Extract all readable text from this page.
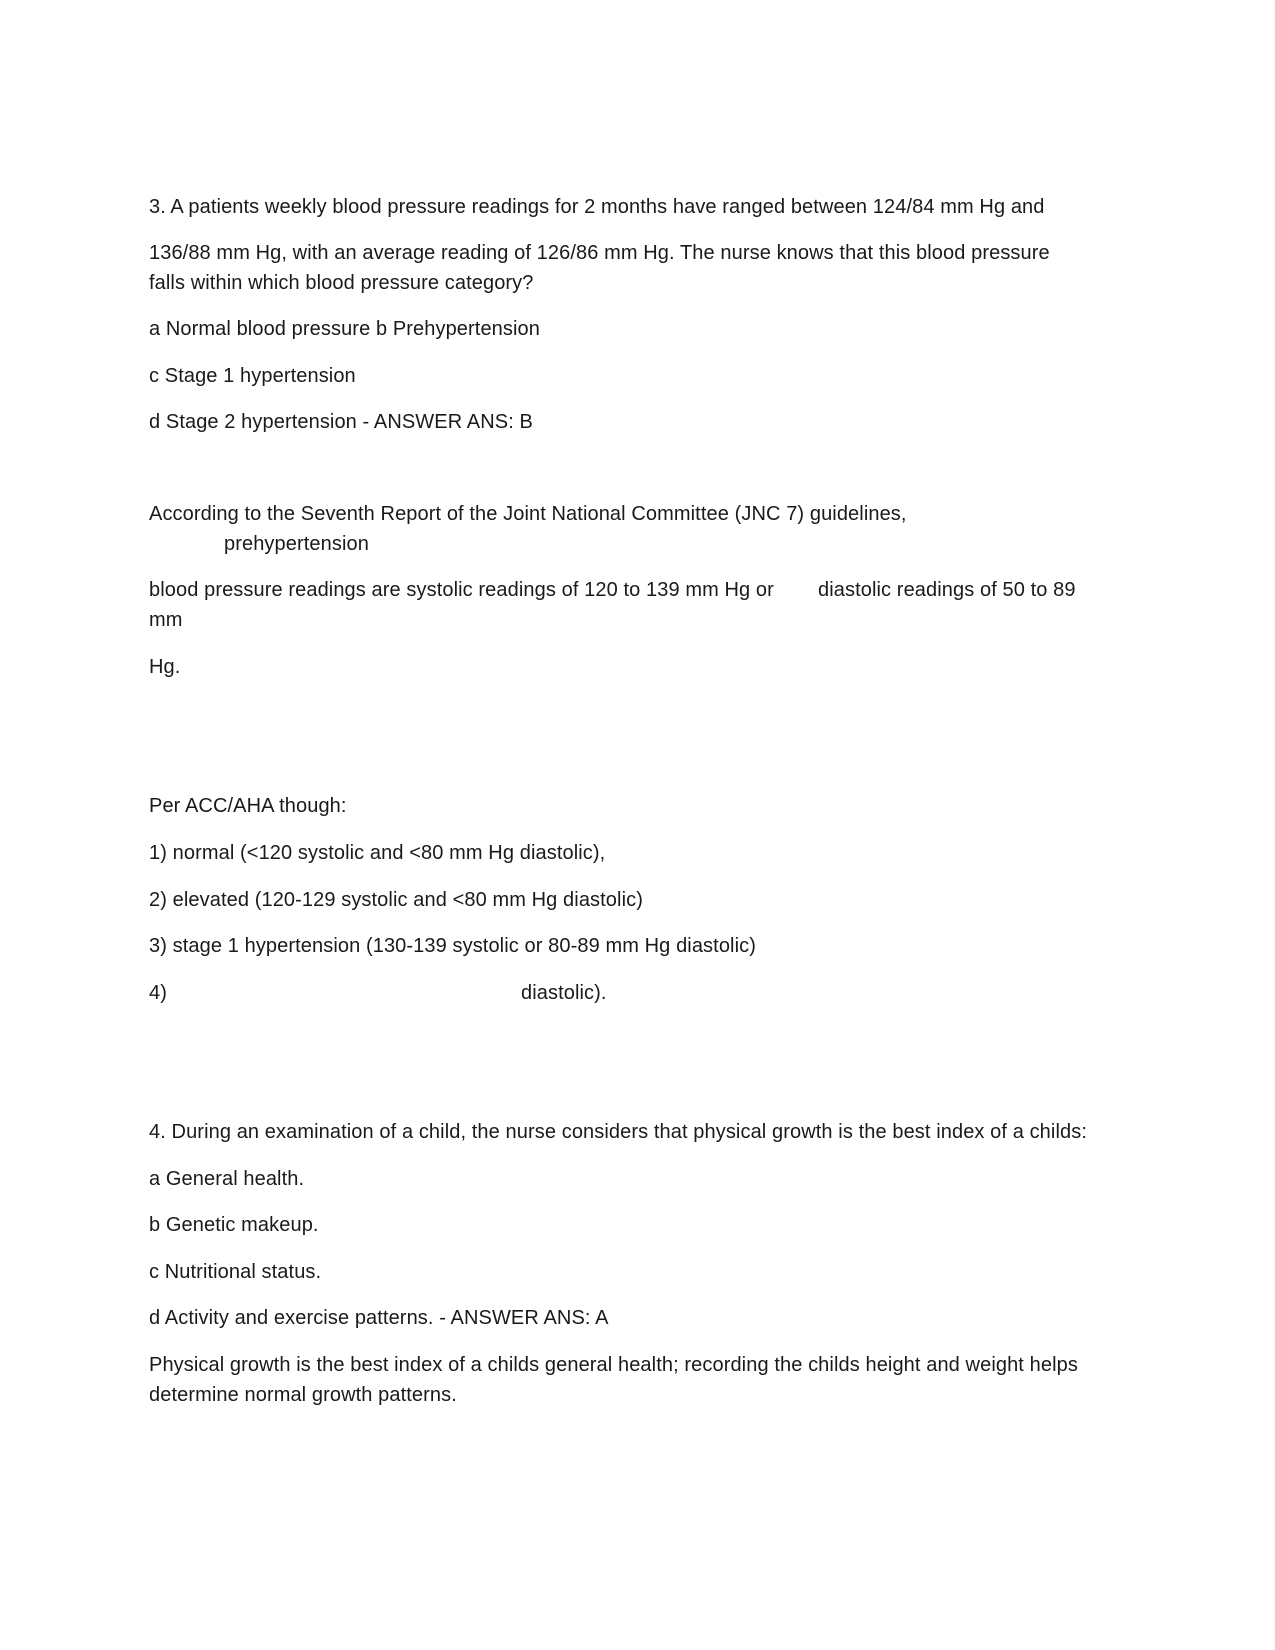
3. A patients weekly blood pressure readings for 2 months have ranged between 124/84 mm Hg and
136/88 mm Hg, with an average reading of 126/86 mm Hg. The nurse knows that this blood pressure
falls within which blood pressure category?
a Normal blood pressure b Prehypertension
c Stage 1 hypertension
d Stage 2 hypertension - ANSWER ANS: B
According to the Seventh Report of the Joint National Committee (JNC 7) guidelines,
prehypertension
blood pressure readings are systolic readings of 120 to 139 mm Hg or diastolic readings of 50 to 89
mm
Hg.
Per ACC/AHA though:
1) normal (<120 systolic and <80 mm Hg diastolic),
2) elevated (120-129 systolic and <80 mm Hg diastolic)
3) stage 1 hypertension (130-139 systolic or 80-89 mm Hg diastolic)
4)	diastolic).
4. During an examination of a child, the nurse considers that physical growth is the best index of a childs:
a General health.
b Genetic makeup.
c Nutritional status.
d Activity and exercise patterns. - ANSWER ANS: A
Physical growth is the best index of a childs general health; recording the childs height and weight helps
determine normal growth patterns.
